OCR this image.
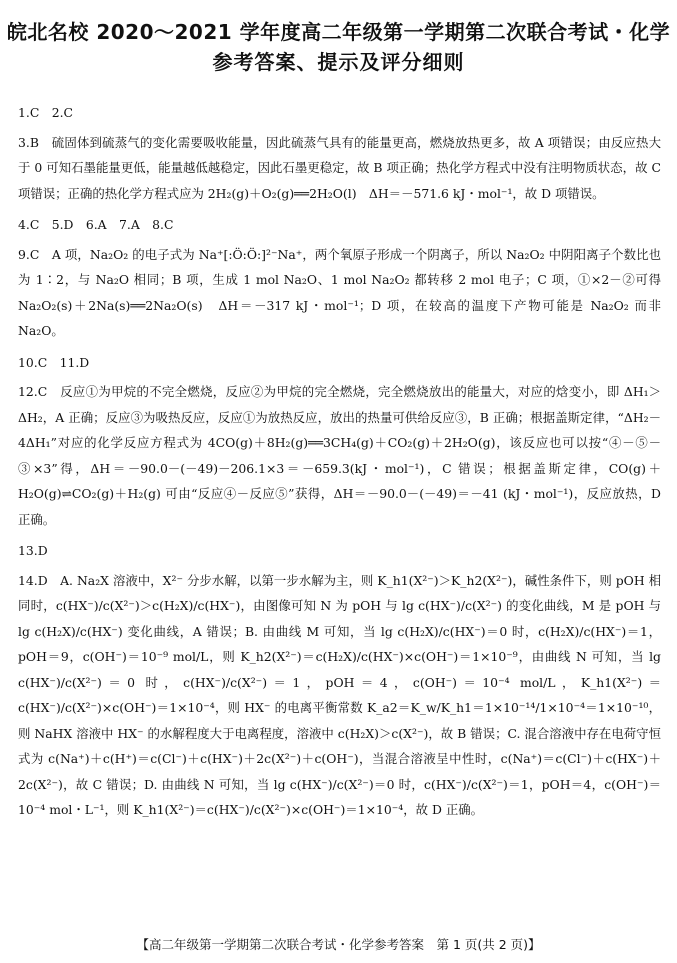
皖北名校 2020～2021 学年度高二年级第一学期第二次联合考试・化学
参考答案、提示及评分细则
1.C　2.C
3.B　硫固体到硫蒸气的变化需要吸收能量，因此硫蒸气具有的能量更高，燃烧放热更多，故 A 项错误；由反应热大于 0 可知石墨能量更低，能量越低越稳定，因此石墨更稳定，故 B 项正确；热化学方程式中没有注明物质状态，故 C 项错误；正确的热化学方程式应为 2H₂(g)＋O₂(g)══2H₂O(l)　ΔH＝－571.6 kJ・mol⁻¹，故 D 项错误。
4.C　5.D　6.A　7.A　8.C
9.C　A 项，Na₂O₂ 的电子式为 Na⁺[:Ö:Ö:]²⁻Na⁺，两个氧原子形成一个阴离子，所以 Na₂O₂ 中阴阳离子个数比也为 1∶2，与 Na₂O 相同；B 项，生成 1 mol Na₂O、1 mol Na₂O₂ 都转移 2 mol 电子；C 项，①×2－②可得 Na₂O₂(s)＋2Na(s)══2Na₂O(s)　ΔH＝－317 kJ・mol⁻¹；D 项，在较高的温度下产物可能是 Na₂O₂ 而非 Na₂O。
10.C　11.D
12.C　反应①为甲烷的不完全燃烧，反应②为甲烷的完全燃烧，完全燃烧放出的能量大，对应的焓变小，即 ΔH₁＞ΔH₂，A 正确；反应③为吸热反应，反应①为放热反应，放出的热量可供给反应③，B 正确；根据盖斯定律，“ΔH₂－4ΔH₁”对应的化学反应方程式为 4CO(g)＋8H₂(g)══3CH₄(g)＋CO₂(g)＋2H₂O(g)，该反应也可以按“④－⑤－③×3”得，ΔH＝－90.0－(－49)－206.1×3＝－659.3(kJ・mol⁻¹)，C 错误；根据盖斯定律，CO(g)＋H₂O(g)⇌CO₂(g)＋H₂(g) 可由“反应④－反应⑤”获得，ΔH＝－90.0－(－49)＝－41 (kJ・mol⁻¹)，反应放热，D 正确。
13.D
14.D　A. Na₂X 溶液中，X²⁻ 分步水解，以第一步水解为主，则 K_h1(X²⁻)＞K_h2(X²⁻)，碱性条件下，则 pOH 相同时，c(HX⁻)/c(X²⁻)＞c(H₂X)/c(HX⁻)，由图像可知 N 为 pOH 与 lg c(HX⁻)/c(X²⁻) 的变化曲线，M 是 pOH 与 lg c(H₂X)/c(HX⁻) 变化曲线，A 错误；B. 由曲线 M 可知，当 lg c(H₂X)/c(HX⁻)＝0 时，c(H₂X)/c(HX⁻)＝1，pOH＝9，c(OH⁻)＝10⁻⁹ mol/L，则 K_h2(X²⁻)＝c(H₂X)/c(HX⁻)×c(OH⁻)＝1×10⁻⁹，由曲线 N 可知，当 lg c(HX⁻)/c(X²⁻)＝0 时，c(HX⁻)/c(X²⁻)＝1，pOH＝4，c(OH⁻)＝10⁻⁴ mol/L，K_h1(X²⁻)＝c(HX⁻)/c(X²⁻)×c(OH⁻)＝1×10⁻⁴，则 HX⁻ 的电离平衡常数 K_a2＝K_w/K_h1＝1×10⁻¹⁴/1×10⁻⁴＝1×10⁻¹⁰，则 NaHX 溶液中 HX⁻ 的水解程度大于电离程度，溶液中 c(H₂X)＞c(X²⁻)，故 B 错误；C. 混合溶液中存在电荷守恒式为 c(Na⁺)＋c(H⁺)＝c(Cl⁻)＋c(HX⁻)＋2c(X²⁻)＋c(OH⁻)，当混合溶液呈中性时，c(Na⁺)＝c(Cl⁻)＋c(HX⁻)＋2c(X²⁻)，故 C 错误；D. 由曲线 N 可知，当 lg c(HX⁻)/c(X²⁻)＝0 时，c(HX⁻)/c(X²⁻)＝1，pOH＝4，c(OH⁻)＝10⁻⁴ mol・L⁻¹，则 K_h1(X²⁻)＝c(HX⁻)/c(X²⁻)×c(OH⁻)＝1×10⁻⁴，故 D 正确。
【高二年级第一学期第二次联合考试・化学参考答案　第 1 页(共 2 页)】
